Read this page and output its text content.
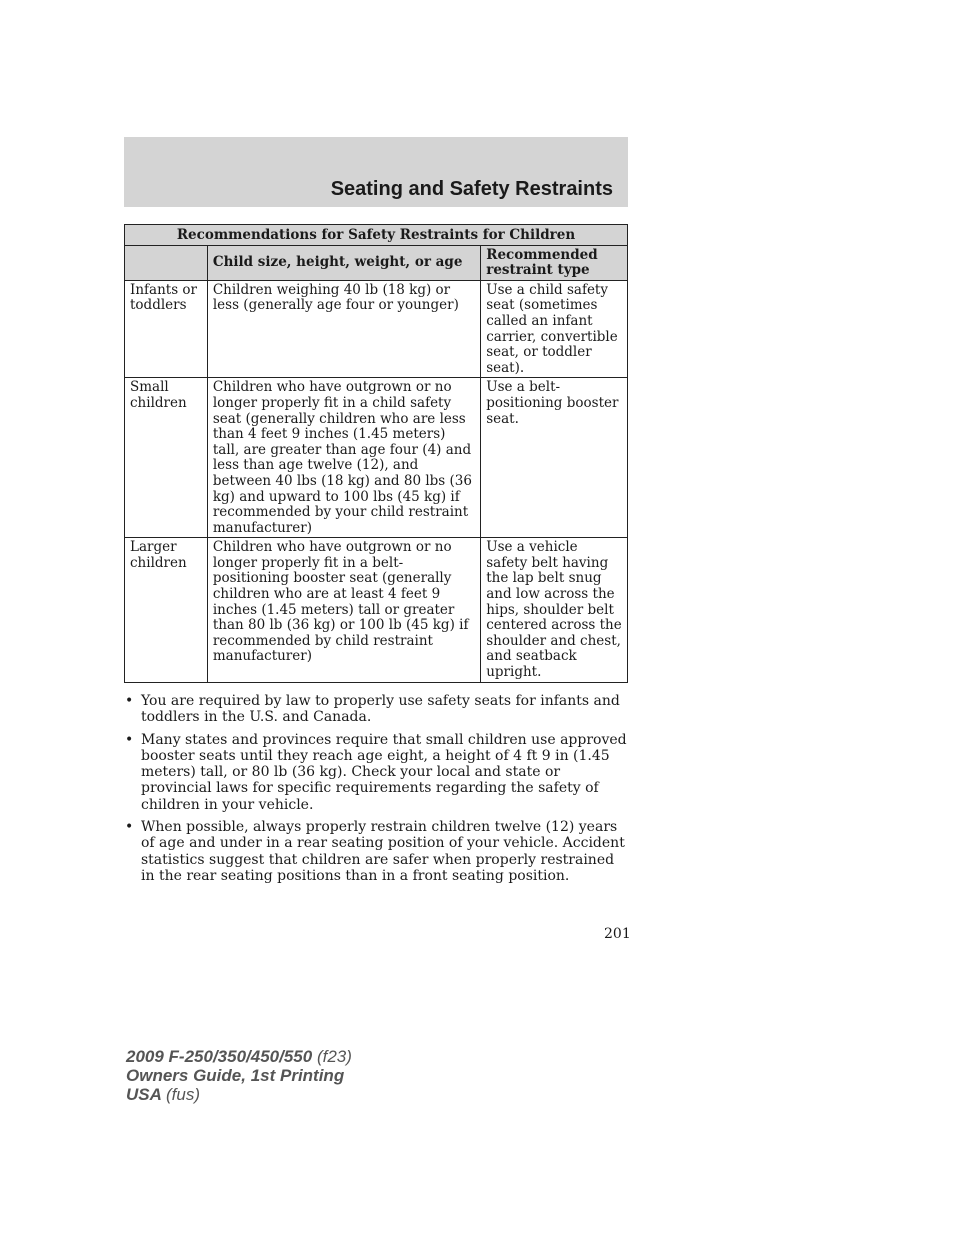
Seating and Safety Restraints
Recommendations for Safety Restraints for Children		
	Child size, height, weight, or age	Recommended restraint type
Infants or toddlers	Children weighing 40 lb (18 kg) or less (generally age four or younger)	Use a child safety seat (sometimes called an infant carrier, convertible seat, or toddler seat).
Small children	Children who have outgrown or no longer properly fit in a child safety seat (generally children who are less than 4 feet 9 inches (1.45 meters) tall, are greater than age four (4) and less than age twelve (12), and between 40 lbs (18 kg) and 80 lbs (36 kg) and upward to 100 lbs (45 kg) if recommended by your child restraint manufacturer)	Use a belt-positioning booster seat.
Larger children	Children who have outgrown or no longer properly fit in a belt-positioning booster seat (generally children who are at least 4 feet 9 inches (1.45 meters) tall or greater than 80 lb (36 kg) or 100 lb (45 kg) if recommended by child restraint manufacturer)	Use a vehicle safety belt having the lap belt snug and low across the hips, shoulder belt centered across the shoulder and chest, and seatback upright.
• You are required by law to properly use safety seats for infants and toddlers in the U.S. and Canada.
• Many states and provinces require that small children use approved booster seats until they reach age eight, a height of 4 ft 9 in (1.45 meters) tall, or 80 lb (36 kg). Check your local and state or provincial laws for specific requirements regarding the safety of children in your vehicle.
• When possible, always properly restrain children twelve (12) years of age and under in a rear seating position of your vehicle. Accident statistics suggest that children are safer when properly restrained in the rear seating positions than in a front seating position.
201
2009 F-250/350/450/550 (f23)
Owners Guide, 1st Printing
USA (fus)
